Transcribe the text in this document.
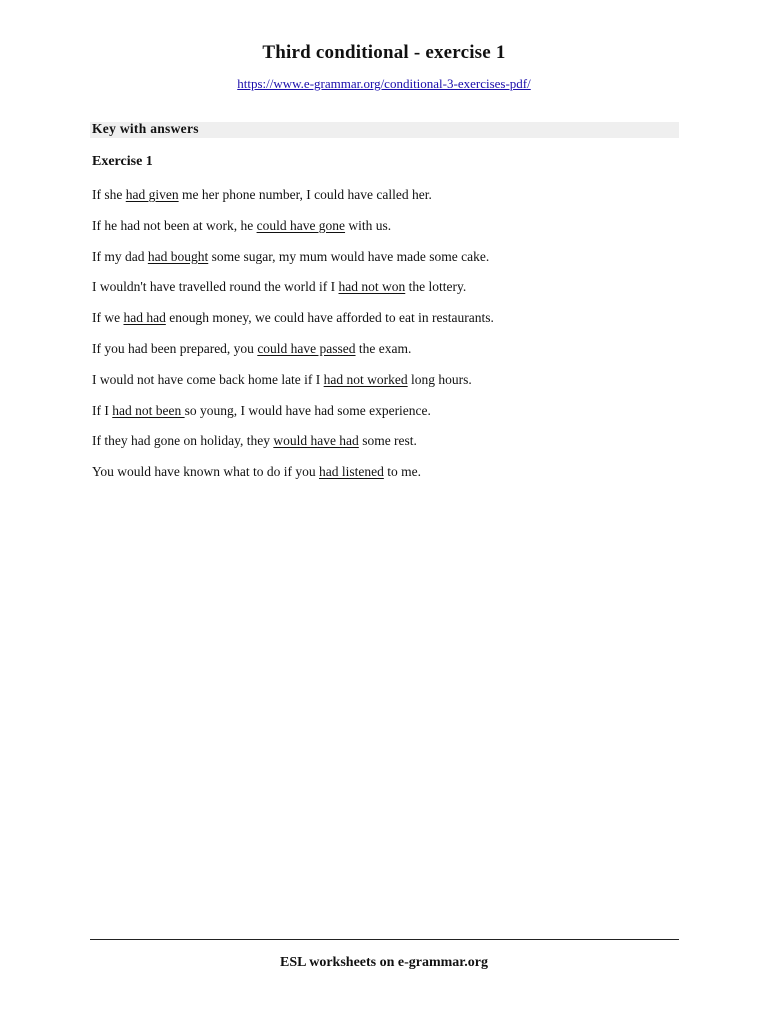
Third conditional - exercise 1
https://www.e-grammar.org/conditional-3-exercises-pdf/
Key with answers
Exercise 1
If she had given me her phone number, I could have called her.
If he had not been at work, he could have gone with us.
If my dad had bought some sugar, my mum would have made some cake.
I wouldn't have travelled round the world if I had not won the lottery.
If we had had enough money, we could have afforded to eat in restaurants.
If you had been prepared, you could have passed the exam.
I would not have come back home late if I had not worked long hours.
If I had not been so young, I would have had some experience.
If they had gone on holiday, they would have had some rest.
You would have known what to do if you had listened to me.
ESL worksheets on e-grammar.org
